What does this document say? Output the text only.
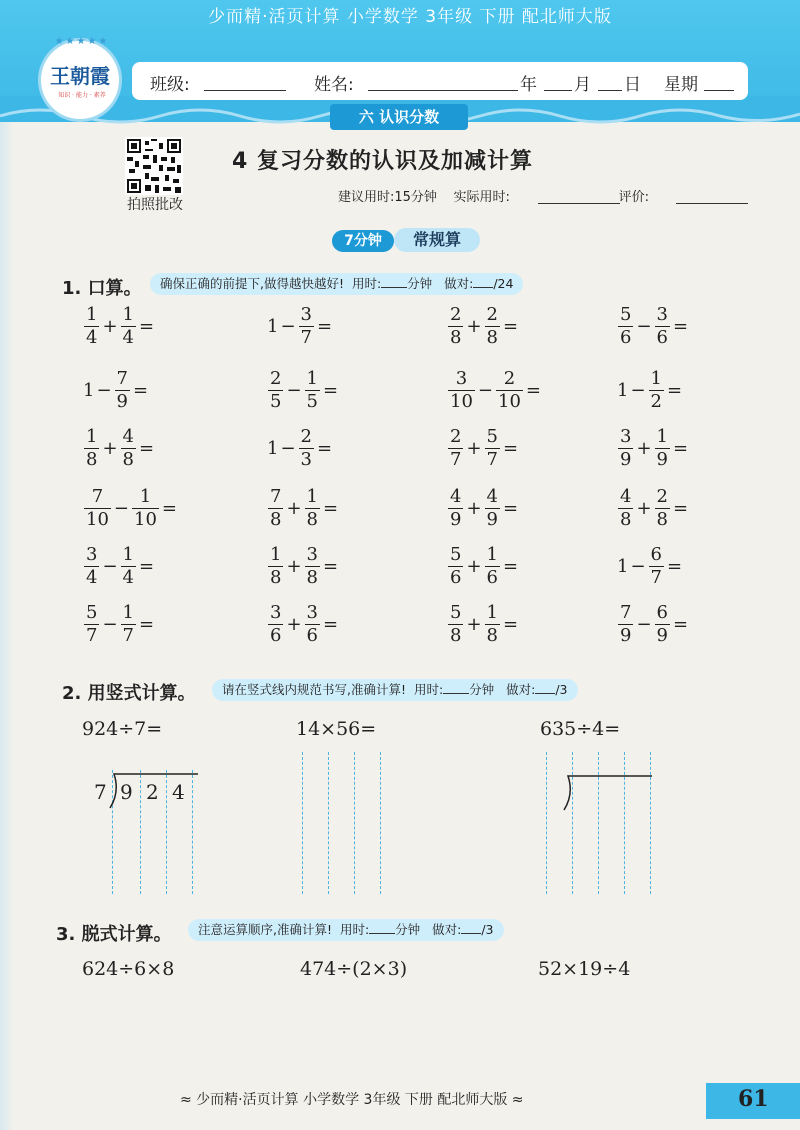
少而精·活页计算 小学数学 3年级 下册 配北师大版
★★★★★
王朝霞
知识 · 能力 · 素养
班级:	姓名:	年 月 日 星期
六 认识分数
拍照批改
4 复习分数的认识及加减计算
建议用时:15分钟 实际用时:	评价:
常规算
7分钟
1. 口算。	确保正确的前提下,做得越快越好! 用时: 分钟 做对: /24
$\frac{1}{4} + \frac{1}{4}$ =	$1 - \frac{3}{7}$ =	$\frac{2}{8} + \frac{2}{8}$ =	$\frac{5}{6} - \frac{3}{6}$ =
$1 - \frac{7}{9}$ =	$\frac{2}{5} - \frac{1}{5}$ =	$\frac{3}{10} - \frac{2}{10}$ =	$1 - \frac{1}{2}$ =
$\frac{1}{8} + \frac{4}{8}$ =	$1 - \frac{2}{3}$ =	$\frac{2}{7} + \frac{5}{7}$ =	$\frac{3}{9} + \frac{1}{9}$ =
$\frac{7}{10} - \frac{1}{10}$ =	$\frac{7}{8} + \frac{1}{8}$ =	$\frac{4}{9} + \frac{4}{9}$ =	$\frac{4}{8} + \frac{2}{8}$ =
$\frac{3}{4} - \frac{1}{4}$ =	$\frac{1}{8} + \frac{3}{8}$ =	$\frac{5}{6} + \frac{1}{6}$ =	$1 - \frac{6}{7}$ =
$\frac{5}{7} - \frac{1}{7}$ =	$\frac{3}{6} + \frac{3}{6}$ =	$\frac{5}{8} + \frac{1}{8}$ =	$\frac{7}{9} - \frac{6}{9}$ =
2. 用竖式计算。	请在竖式线内规范书写,准确计算! 用时: 分钟 做对: /3
924÷7=	14×56=	635÷4=
7 9 2 4
3. 脱式计算。	注意运算顺序,准确计算! 用时: 分钟 做对: /3
624÷6×8	474÷(2×3)	52×19÷4
≈ 少而精·活页计算 小学数学 3年级 下册 配北师大版 ≈	61
